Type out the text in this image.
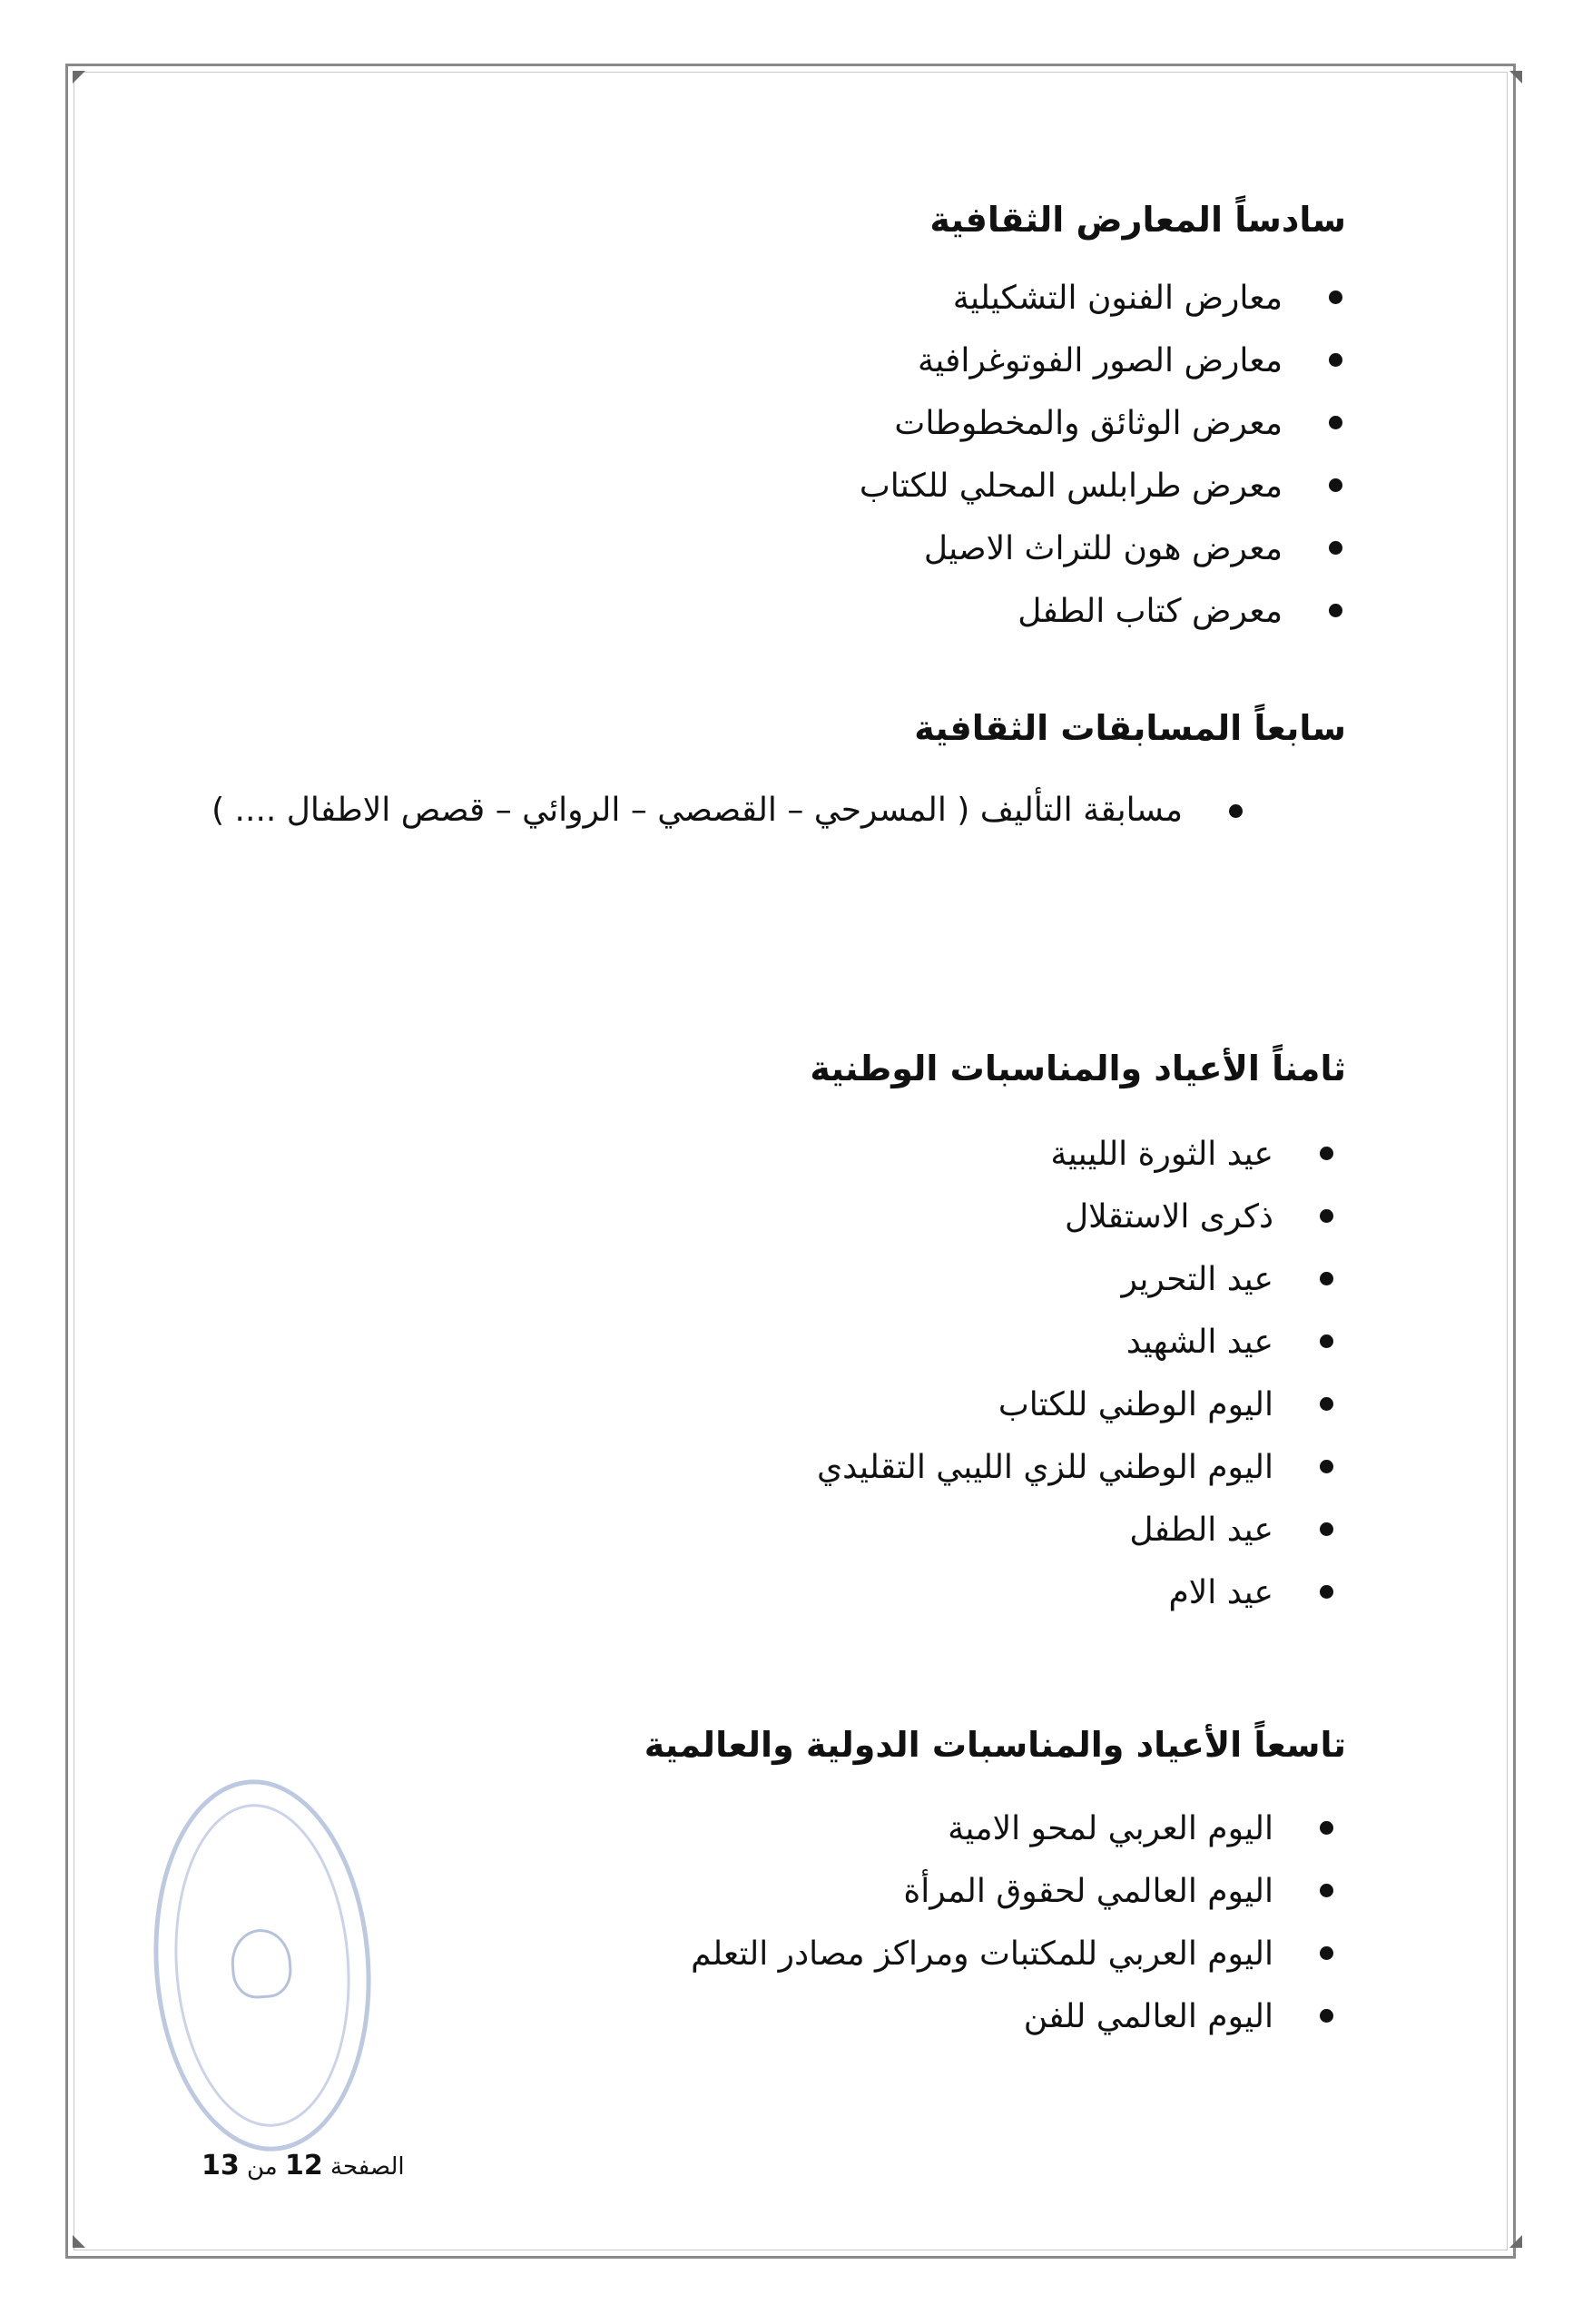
سادساً المعارض الثقافية
معارض الفنون التشكيلية
معارض الصور الفوتوغرافية
معرض الوثائق والمخطوطات
معرض طرابلس المحلي للكتاب
معرض هون للتراث الاصيل
معرض كتاب الطفل
سابعاً المسابقات الثقافية
مسابقة التأليف ( المسرحي – القصصي – الروائي – قصص الاطفال .... )
ثامناً الأعياد والمناسبات الوطنية
عيد الثورة الليبية
ذكرى الاستقلال
عيد التحرير
عيد الشهيد
اليوم الوطني للكتاب
اليوم الوطني للزي الليبي التقليدي
عيد الطفل
عيد الام
تاسعاً الأعياد والمناسبات الدولية والعالمية
اليوم العربي لمحو الامية
اليوم العالمي لحقوق المرأة
اليوم العربي للمكتبات ومراكز مصادر التعلم
اليوم العالمي للفن
الصفحة 12 من 13
